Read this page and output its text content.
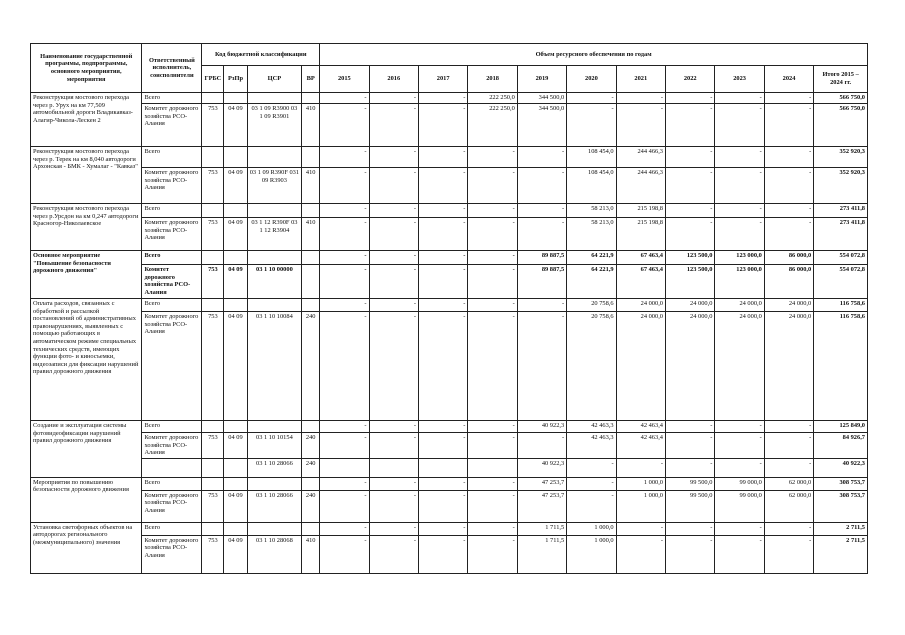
Наименование государственной программы, подпрограммы, основного мероприятия, мероприятия	Ответственный исполнитель, соисполнители	Код бюджетной классификации				Объем ресурсного обеспечения по годам										
		ГРБС	РзПр	ЦСР	ВР	2015	2016	2017	2018	2019	2020	2021	2022	2023	2024	Итого 2015 – 2024 гг.
Реконструкция мостового перехода через р. Урух на км 77,509 автомобильной дороги Владикавказ-Алагир-Чикола-Лескен 2	Всего					-	-	-	222 250,0	344 500,0	-	-	-	-	-	566 750,0
	Комитет дорожного хозяйства РСО-Алания	753	04 09	03 1 09 R3900 03 1 09 R3901	410	-	-	-	222 250,0	344 500,0	-	-	-	-	-	566 750,0
Реконструкция мостового перехода через р. Терек на км 8,040 автодороги Архонская - БМК - Хумалаг - "Кавказ"	Всего					-	-	-	-	-	108 454,0	244 466,3	-	-	-	352 920,3
	Комитет дорожного хозяйства РСО-Алания	753	04 09	03 1 09 R390F 031 09 R3903	410	-	-	-	-	-	108 454,0	244 466,3	-	-	-	352 920,3
Реконструкция мостового перехода через р.Урсдон на км 0,247 автодороги Красногор-Николаевское	Всего					-	-	-	-	-	58 213,0	215 198,8	-	-	-	273 411,8
	Комитет дорожного хозяйства РСО-Алания	753	04 09	03 1 12 R390F 03 1 12 R3904	410	-	-	-	-	-	58 213,0	215 198,8	-	-	-	273 411,8
Основное мероприятие "Повышение безопасности дорожного движения"	Всего					-	-	-	-	89 887,5	64 221,9	67 463,4	123 500,0	123 000,0	86 000,0	554 072,8
	Комитет дорожного хозяйства РСО-Алания	753	04 09	03 1 10 00000		-	-	-	-	89 887,5	64 221,9	67 463,4	123 500,0	123 000,0	86 000,0	554 072,8
Оплата расходов, связанных с обработкой и рассылкой постановлений об административных правонарушениях, выявленных с помощью работающих в автоматическом режиме специальных технических средств, имеющих функции фото- и киносъемки, видеозаписи для фиксации нарушений правил дорожного движения	Всего					-	-	-	-	-	20 758,6	24 000,0	24 000,0	24 000,0	24 000,0	116 758,6
	Комитет дорожного хозяйства РСО-Алания	753	04 09	03 1 10 10084	240	-	-	-	-	-	20 758,6	24 000,0	24 000,0	24 000,0	24 000,0	116 758,6
Создание и эксплуатация системы фотовидеофиксации нарушений правил дорожного движения	Всего					-	-	-	-	40 922,3	42 463,3	42 463,4	-	-	-	125 849,0
	Комитет дорожного хозяйства РСО-Алания	753	04 09	03 1 10 10154	240	-	-	-	-	-	42 463,3	42 463,4	-	-	-	84 926,7
				03 1 10 28066	240					40 922,3	-	-	-	-	-	40 922,3
Мероприятия по повышению безопасности дорожного движения	Всего					-	-	-	-	47 253,7	-	1 000,0	99 500,0	99 000,0	62 000,0	308 753,7
	Комитет дорожного хозяйства РСО-Алания	753	04 09	03 1 10 28066	240	-	-	-	-	47 253,7	-	1 000,0	99 500,0	99 000,0	62 000,0	308 753,7
Установка светофорных объектов на автодорогах регионального (межмуниципального) значения	Всего					-	-	-	-	1 711,5	1 000,0	-	-	-	-	2 711,5
	Комитет дорожного хозяйства РСО-Алания	753	04 09	03 1 10 28068	410	-	-	-	-	1 711,5	1 000,0	-	-	-	-	2 711,5
